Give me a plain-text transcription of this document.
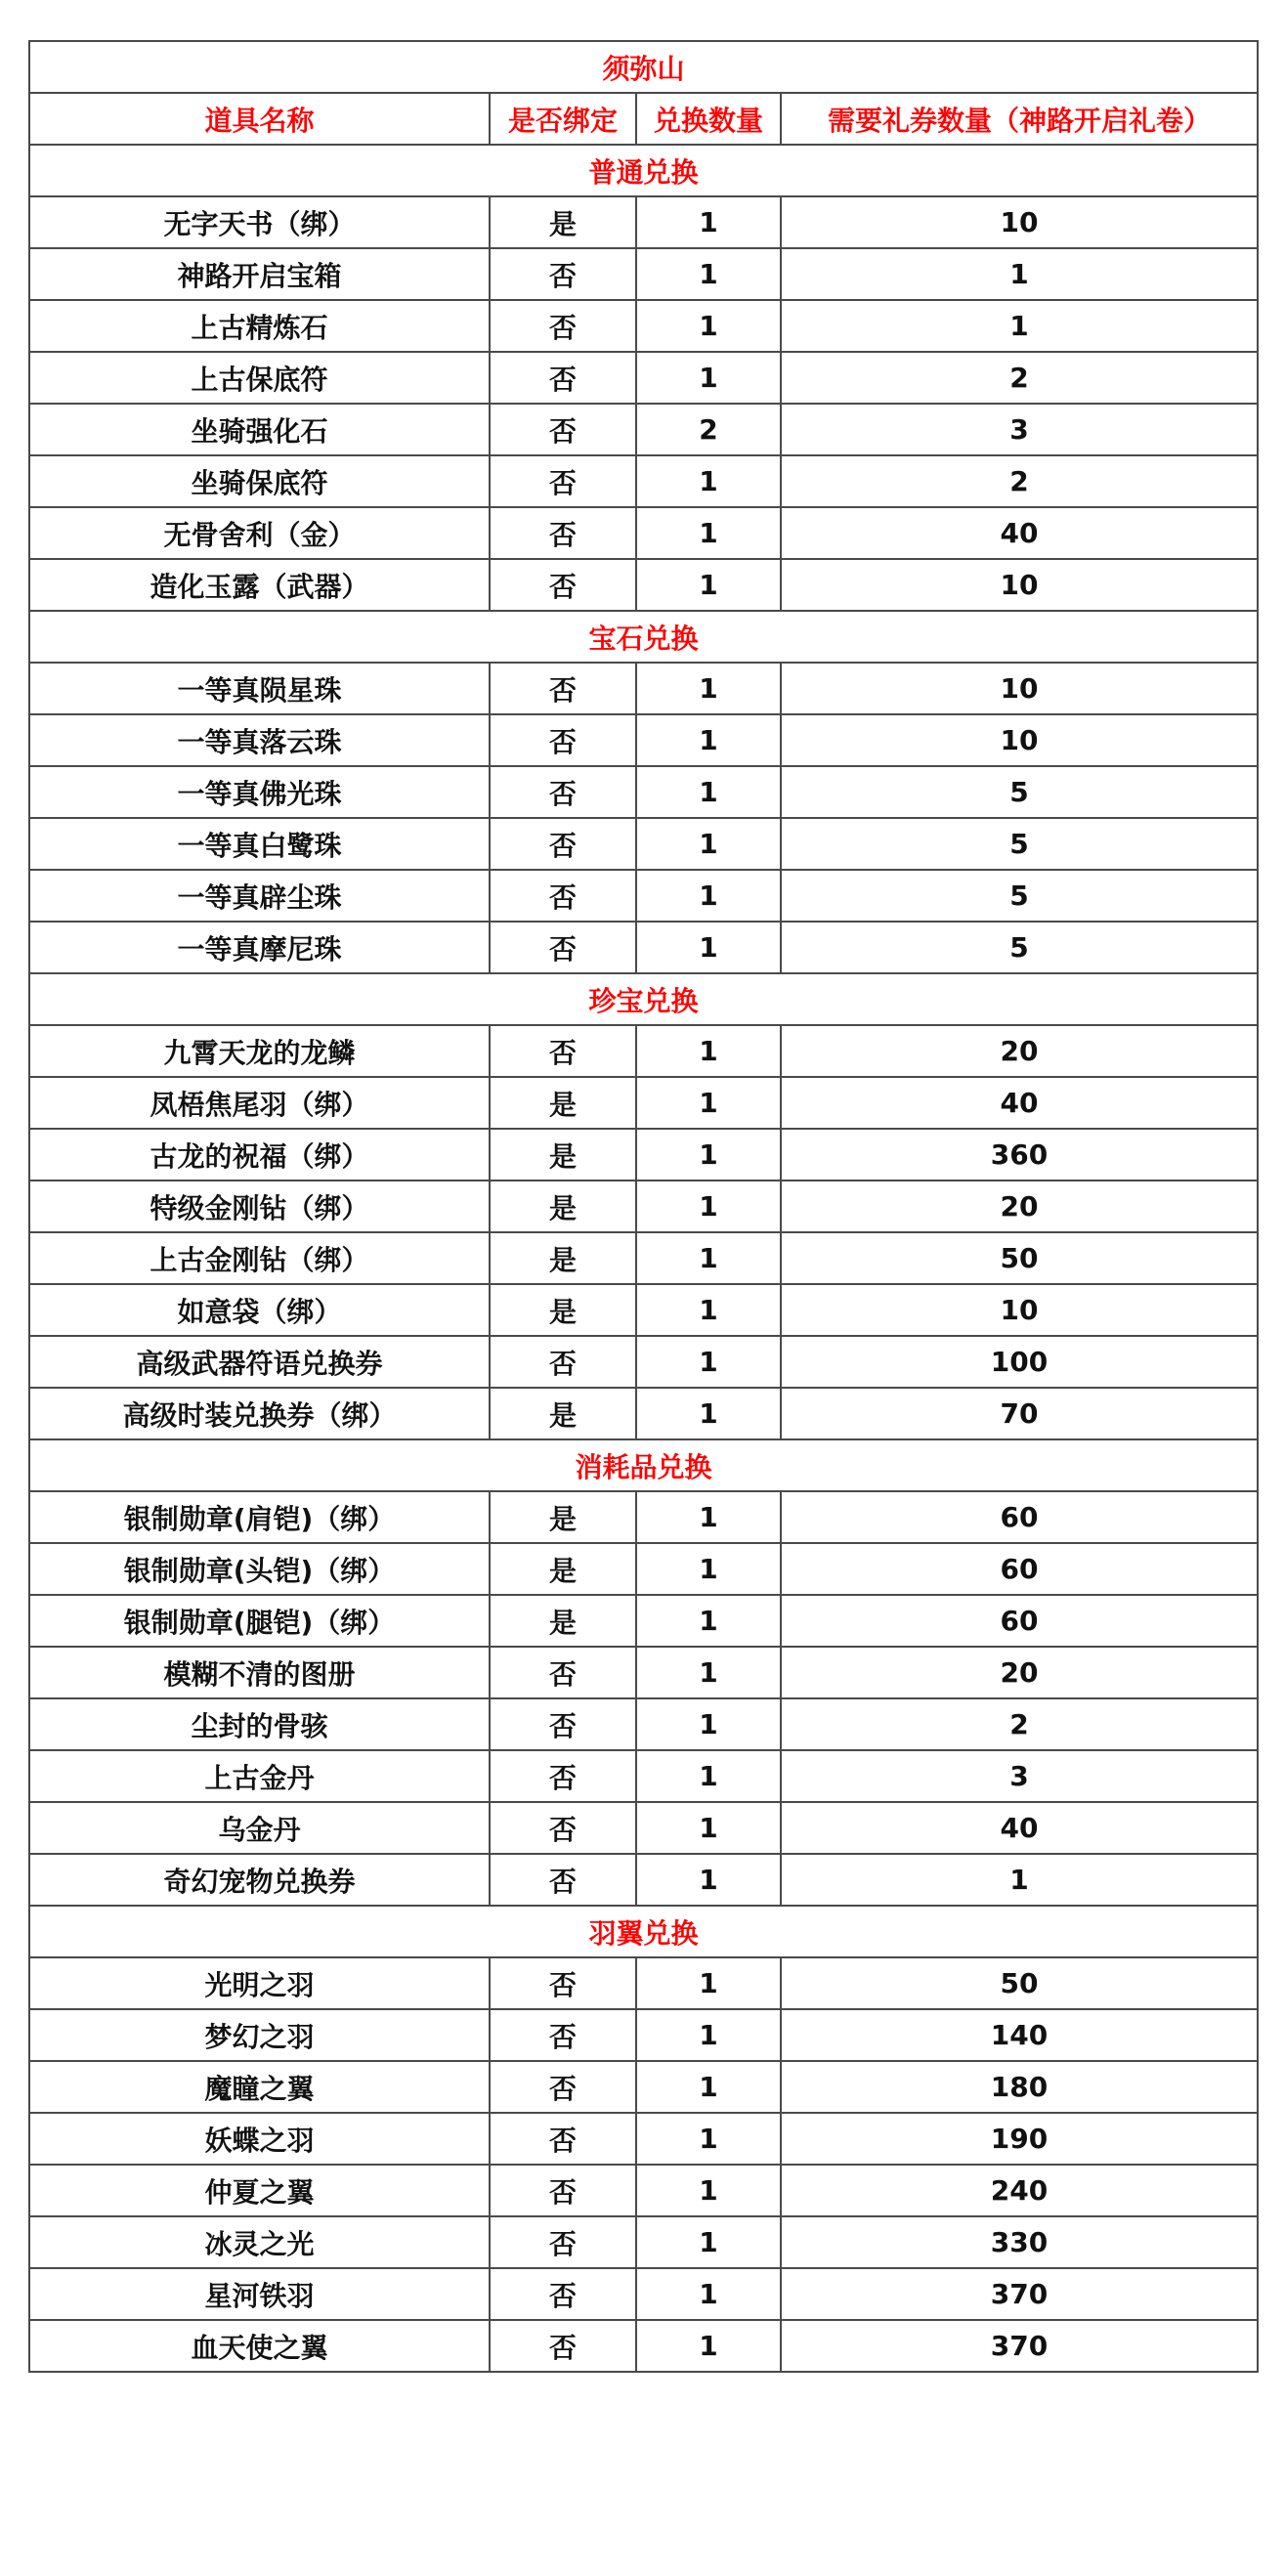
须弥山			
道具名称	是否绑定	兑换数量	需要礼券数量（神路开启礼卷）
普通兑换			
无字天书（绑）	是	1	10
神路开启宝箱	否	1	1
上古精炼石	否	1	1
上古保底符	否	1	2
坐骑强化石	否	2	3
坐骑保底符	否	1	2
无骨舍利（金）	否	1	40
造化玉露（武器）	否	1	10
宝石兑换			
一等真陨星珠	否	1	10
一等真落云珠	否	1	10
一等真佛光珠	否	1	5
一等真白鹭珠	否	1	5
一等真辟尘珠	否	1	5
一等真摩尼珠	否	1	5
珍宝兑换			
九霄天龙的龙鳞	否	1	20
凤梧焦尾羽（绑）	是	1	40
古龙的祝福（绑）	是	1	360
特级金刚钻（绑）	是	1	20
上古金刚钻（绑）	是	1	50
如意袋（绑）	是	1	10
高级武器符语兑换券	否	1	100
高级时装兑换券（绑）	是	1	70
消耗品兑换			
银制勋章(肩铠)（绑）	是	1	60
银制勋章(头铠)（绑）	是	1	60
银制勋章(腿铠)（绑）	是	1	60
模糊不清的图册	否	1	20
尘封的骨骇	否	1	2
上古金丹	否	1	3
乌金丹	否	1	40
奇幻宠物兑换券	否	1	1
羽翼兑换			
光明之羽	否	1	50
梦幻之羽	否	1	140
魔瞳之翼	否	1	180
妖蝶之羽	否	1	190
仲夏之翼	否	1	240
冰灵之光	否	1	330
星河铁羽	否	1	370
血天使之翼	否	1	370
